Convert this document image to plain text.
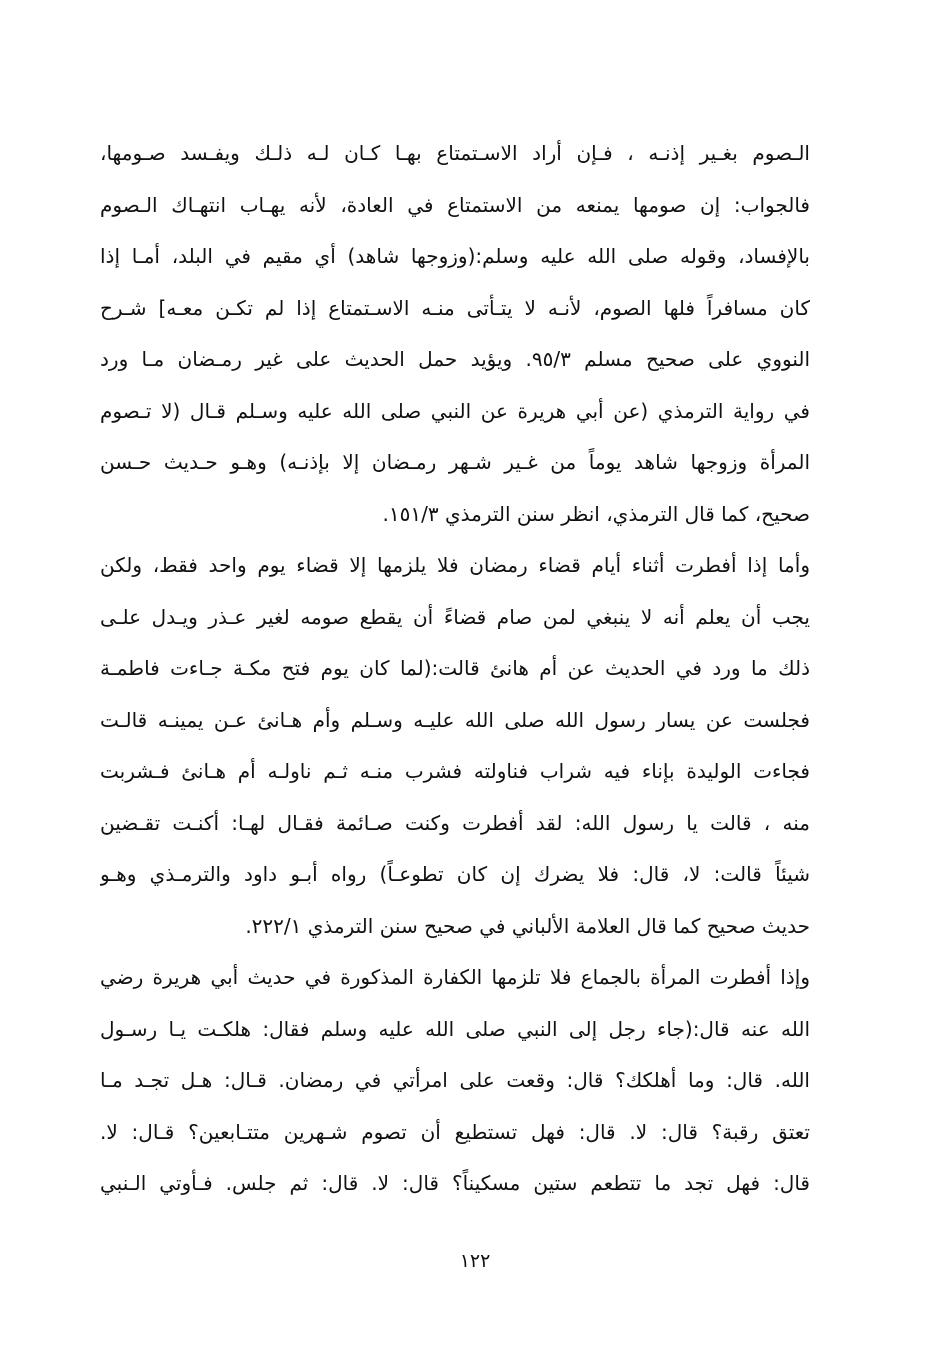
الـصوم بغـير إذنـه ، فـإن أراد الاسـتمتاع بهـا كـان لـه ذلـك ويفـسد صـومها،
فالجواب: إن صومها يمنعه من الاستمتاع في العادة، لأنه يهـاب انتهـاك الـصوم
بالإفساد، وقوله صلى الله عليه وسلم:(وزوجها شاهد) أي مقيم في البلد، أمـا إذا
كان مسافراً فلها الصوم، لأنـه لا يتـأتى منـه الاسـتمتاع إذا لم تكـن معـه] شـرح
النووي على صحيح مسلم ٩٥/٣. ويؤيد حمل الحديث على غير رمـضان مـا ورد
في رواية الترمذي (عن أبي هريرة عن النبي صلى الله عليه وسـلم قـال (لا تـصوم
المرأة وزوجها شاهد يوماً من غـير شـهر رمـضان إلا بإذنـه) وهـو حـديث حـسن
صحيح، كما قال الترمذي، انظر سنن الترمذي ١٥١/٣.
وأما إذا أفطرت أثناء أيام قضاء رمضان فلا يلزمها إلا قضاء يوم واحد فقط، ولكن
يجب أن يعلم أنه لا ينبغي لمن صام قضاءً أن يقطع صومه لغير عـذر ويـدل علـى
ذلك ما ورد في الحديث عن أم هانئ قالت:(لما كان يوم فتح مكـة جـاءت فاطمـة
فجلست عن يسار رسول الله صلى الله عليـه وسـلم وأم هـانئ عـن يمينـه قالـت
فجاءت الوليدة بإناء فيه شراب فناولته فشرب منـه ثـم ناولـه أم هـانئ فـشربت
منه ، قالت يا رسول الله: لقد أفطرت وكنت صـائمة فقـال لهـا: أكنـت تقـضين
شيئاً قالت: لا، قال: فلا يضرك إن كان تطوعـاً) رواه أبـو داود والترمـذي وهـو
حديث صحيح كما قال العلامة الألباني في صحيح سنن الترمذي ٢٢٢/١.
وإذا أفطرت المرأة بالجماع فلا تلزمها الكفارة المذكورة في حديث أبي هريرة رضي
الله عنه قال:(جاء رجل إلى النبي صلى الله عليه وسلم فقال: هلكـت يـا رسـول
الله. قال: وما أهلكك؟ قال: وقعت على امرأتي في رمضان. قـال: هـل تجـد مـا
تعتق رقبة؟ قال: لا. قال: فهل تستطيع أن تصوم شـهرين متتـابعين؟ قـال: لا.
قال: فهل تجد ما تتطعم ستين مسكيناً؟ قال: لا. قال: ثم جلس. فـأوتي الـنبي
١٢٢
